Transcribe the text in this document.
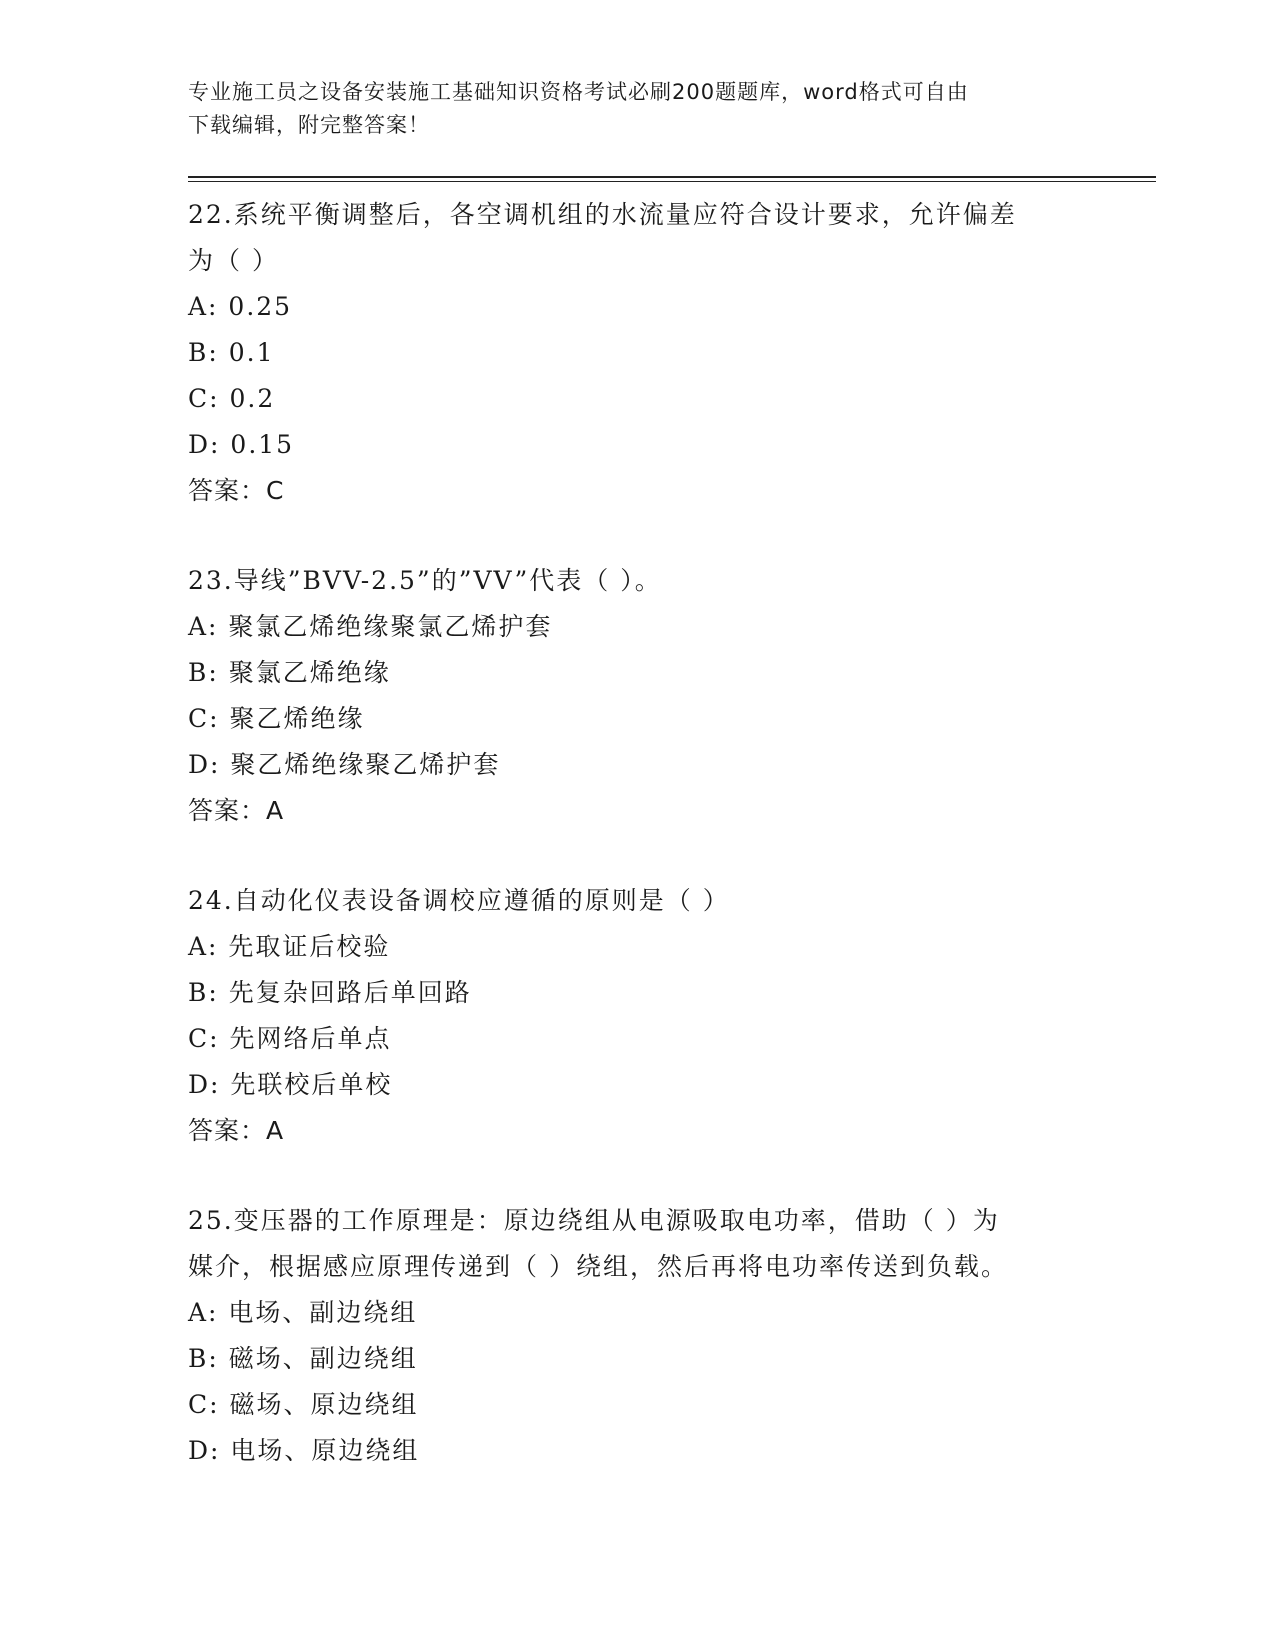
专业施工员之设备安装施工基础知识资格考试必刷200题题库，word格式可自由
下载编辑，附完整答案！
22.系统平衡调整后，各空调机组的水流量应符合设计要求，允许偏差
为（ ）
A: 0.25
B: 0.1
C: 0.2
D: 0.15
答案：C
23.导线”BVV-2.5”的”VV”代表（ ）。
A: 聚氯乙烯绝缘聚氯乙烯护套
B: 聚氯乙烯绝缘
C: 聚乙烯绝缘
D: 聚乙烯绝缘聚乙烯护套
答案：A
24.自动化仪表设备调校应遵循的原则是（ ）
A: 先取证后校验
B: 先复杂回路后单回路
C: 先网络后单点
D: 先联校后单校
答案：A
25.变压器的工作原理是：原边绕组从电源吸取电功率，借助（ ）为
媒介，根据感应原理传递到（ ）绕组，然后再将电功率传送到负载。
A: 电场、副边绕组
B: 磁场、副边绕组
C: 磁场、原边绕组
D: 电场、原边绕组
